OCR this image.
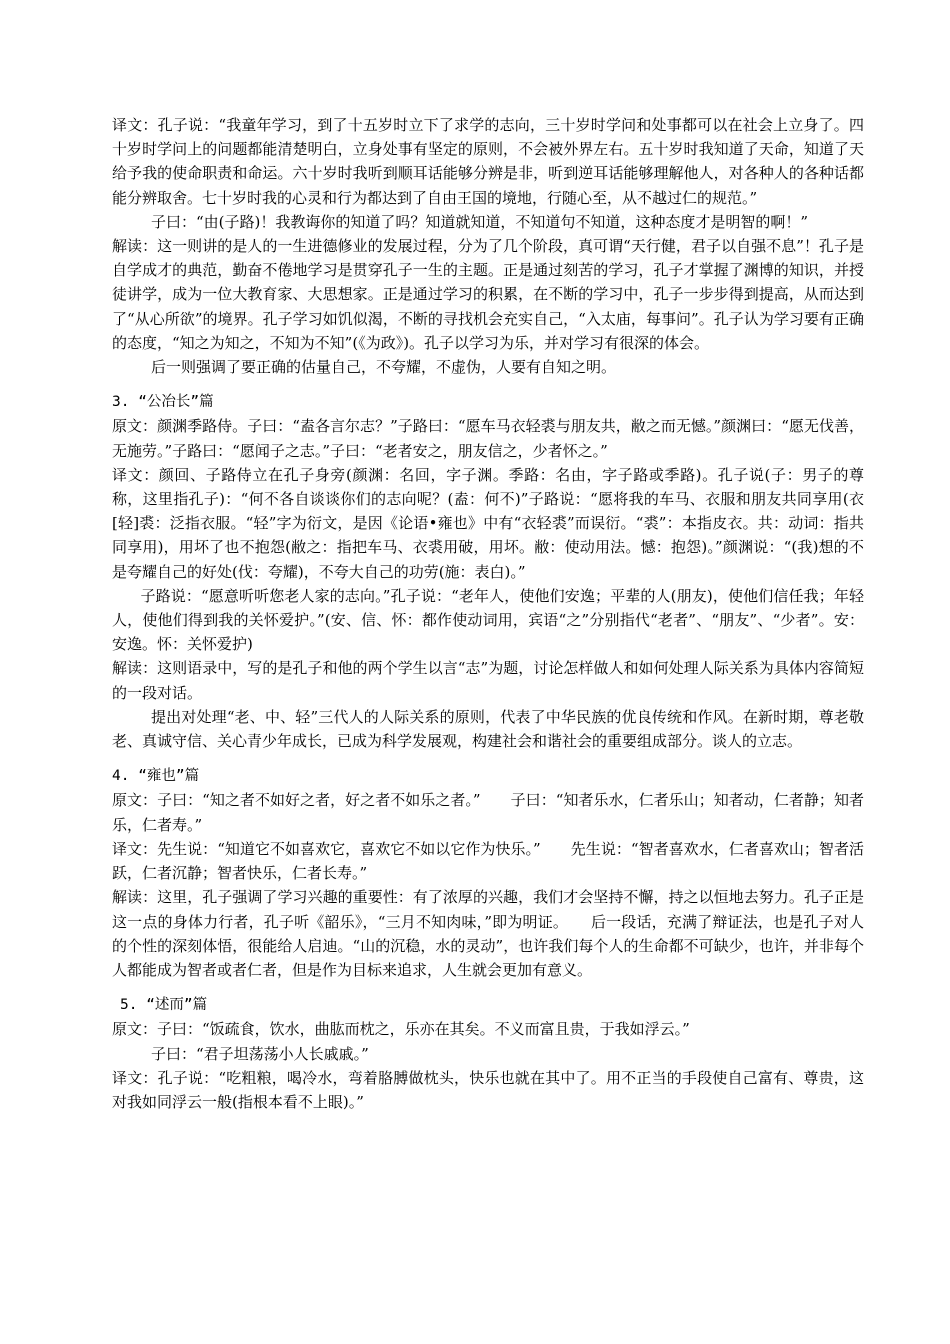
译文：孔子说：“我童年学习，到了十五岁时立下了求学的志向，三十岁时学问和处事都可以在社会上立身了。四十岁时学问上的问题都能清楚明白，立身处事有坚定的原则，不会被外界左右。五十岁时我知道了天命，知道了天给予我的使命职责和命运。六十岁时我听到顺耳话能够分辨是非，听到逆耳话能够理解他人，对各种人的各种话都能分辨取舍。七十岁时我的心灵和行为都达到了自由王国的境地，行随心至，从不越过仁的规范。”

子曰：“由(子路)！我教诲你的知道了吗？知道就知道，不知道句不知道，这种态度才是明智的啊！”

解读：这一则讲的是人的一生进德修业的发展过程，分为了几个阶段，真可谓“天行健，君子以自强不息”！孔子是自学成才的典范，勤奋不倦地学习是贯穿孔子一生的主题。正是通过刻苦的学习，孔子才掌握了渊博的知识，并授徒讲学，成为一位大教育家、大思想家。正是通过学习的积累，在不断的学习中，孔子一步步得到提高，从而达到了“从心所欲”的境界。孔子学习如饥似渴，不断的寻找机会充实自己，“入太庙，每事问”。孔子认为学习要有正确的态度，“知之为知之，不知为不知”(《为政》)。孔子以学习为乐，并对学习有很深的体会。

后一则强调了要正确的估量自己，不夸耀，不虚伪，人要有自知之明。

3. “公冶长”篇

原文：颜渊季路侍。子曰：“盍各言尔志？”子路曰：“愿车马衣轻裘与朋友共，敝之而无憾。”颜渊曰：“愿无伐善，无施劳。”子路曰：“愿闻子之志。”子曰：“老者安之，朋友信之，少者怀之。”

译文：颜回、子路侍立在孔子身旁(颜渊：名回，字子渊。季路：名由，字子路或季路)。孔子说(子：男子的尊称，这里指孔子)：“何不各自谈谈你们的志向呢？(盍：何不)”子路说：“愿将我的车马、衣服和朋友共同享用(衣[轻]裘：泛指衣服。“轻”字为衍文，是因《论语•雍也》中有“衣轻裘”而误衍。“裘”：本指皮衣。共：动词：指共同享用)，用坏了也不抱怨(敝之：指把车马、衣裘用破，用坏。敝：使动用法。憾：抱怨)。”颜渊说：“(我)想的不是夸耀自己的好处(伐：夸耀)，不夸大自己的功劳(施：表白)。”

子路说：“愿意听听您老人家的志向。”孔子说：“老年人，使他们安逸；平辈的人(朋友)，使他们信任我；年轻人，使他们得到我的关怀爱护。”(安、信、怀：都作使动词用，宾语“之”分别指代“老者”、“朋友”、“少者”。安：安逸。怀：关怀爱护)

解读：这则语录中，写的是孔子和他的两个学生以言“志”为题，讨论怎样做人和如何处理人际关系为具体内容简短的一段对话。

提出对处理“老、中、轻”三代人的人际关系的原则，代表了中华民族的优良传统和作风。在新时期，尊老敬老、真诚守信、关心青少年成长，已成为科学发展观，构建社会和谐社会的重要组成部分。谈人的立志。

4. “雍也”篇

原文：子曰：“知之者不如好之者，好之者不如乐之者。”　　子曰：“知者乐水，仁者乐山；知者动，仁者静；知者乐，仁者寿。”

译文：先生说：“知道它不如喜欢它，喜欢它不如以它作为快乐。”　　先生说：“智者喜欢水，仁者喜欢山；智者活跃，仁者沉静；智者快乐，仁者长寿。”

解读：这里，孔子强调了学习兴趣的重要性：有了浓厚的兴趣，我们才会坚持不懈，持之以恒地去努力。孔子正是这一点的身体力行者，孔子听《韶乐》，“三月不知肉味，”即为明证。　　后一段话，充满了辩证法，也是孔子对人的个性的深刻体悟，很能给人启迪。“山的沉稳，水的灵动”，也许我们每个人的生命都不可缺少，也许，并非每个人都能成为智者或者仁者，但是作为目标来追求，人生就会更加有意义。

5. “述而”篇

原文：子曰：“饭疏食，饮水，曲肱而枕之，乐亦在其矣。不义而富且贵，于我如浮云。”

子曰：“君子坦荡荡小人长戚戚。”

译文：孔子说：“吃粗粮，喝冷水，弯着胳膊做枕头，快乐也就在其中了。用不正当的手段使自己富有、尊贵，这对我如同浮云一般(指根本看不上眼)。”
